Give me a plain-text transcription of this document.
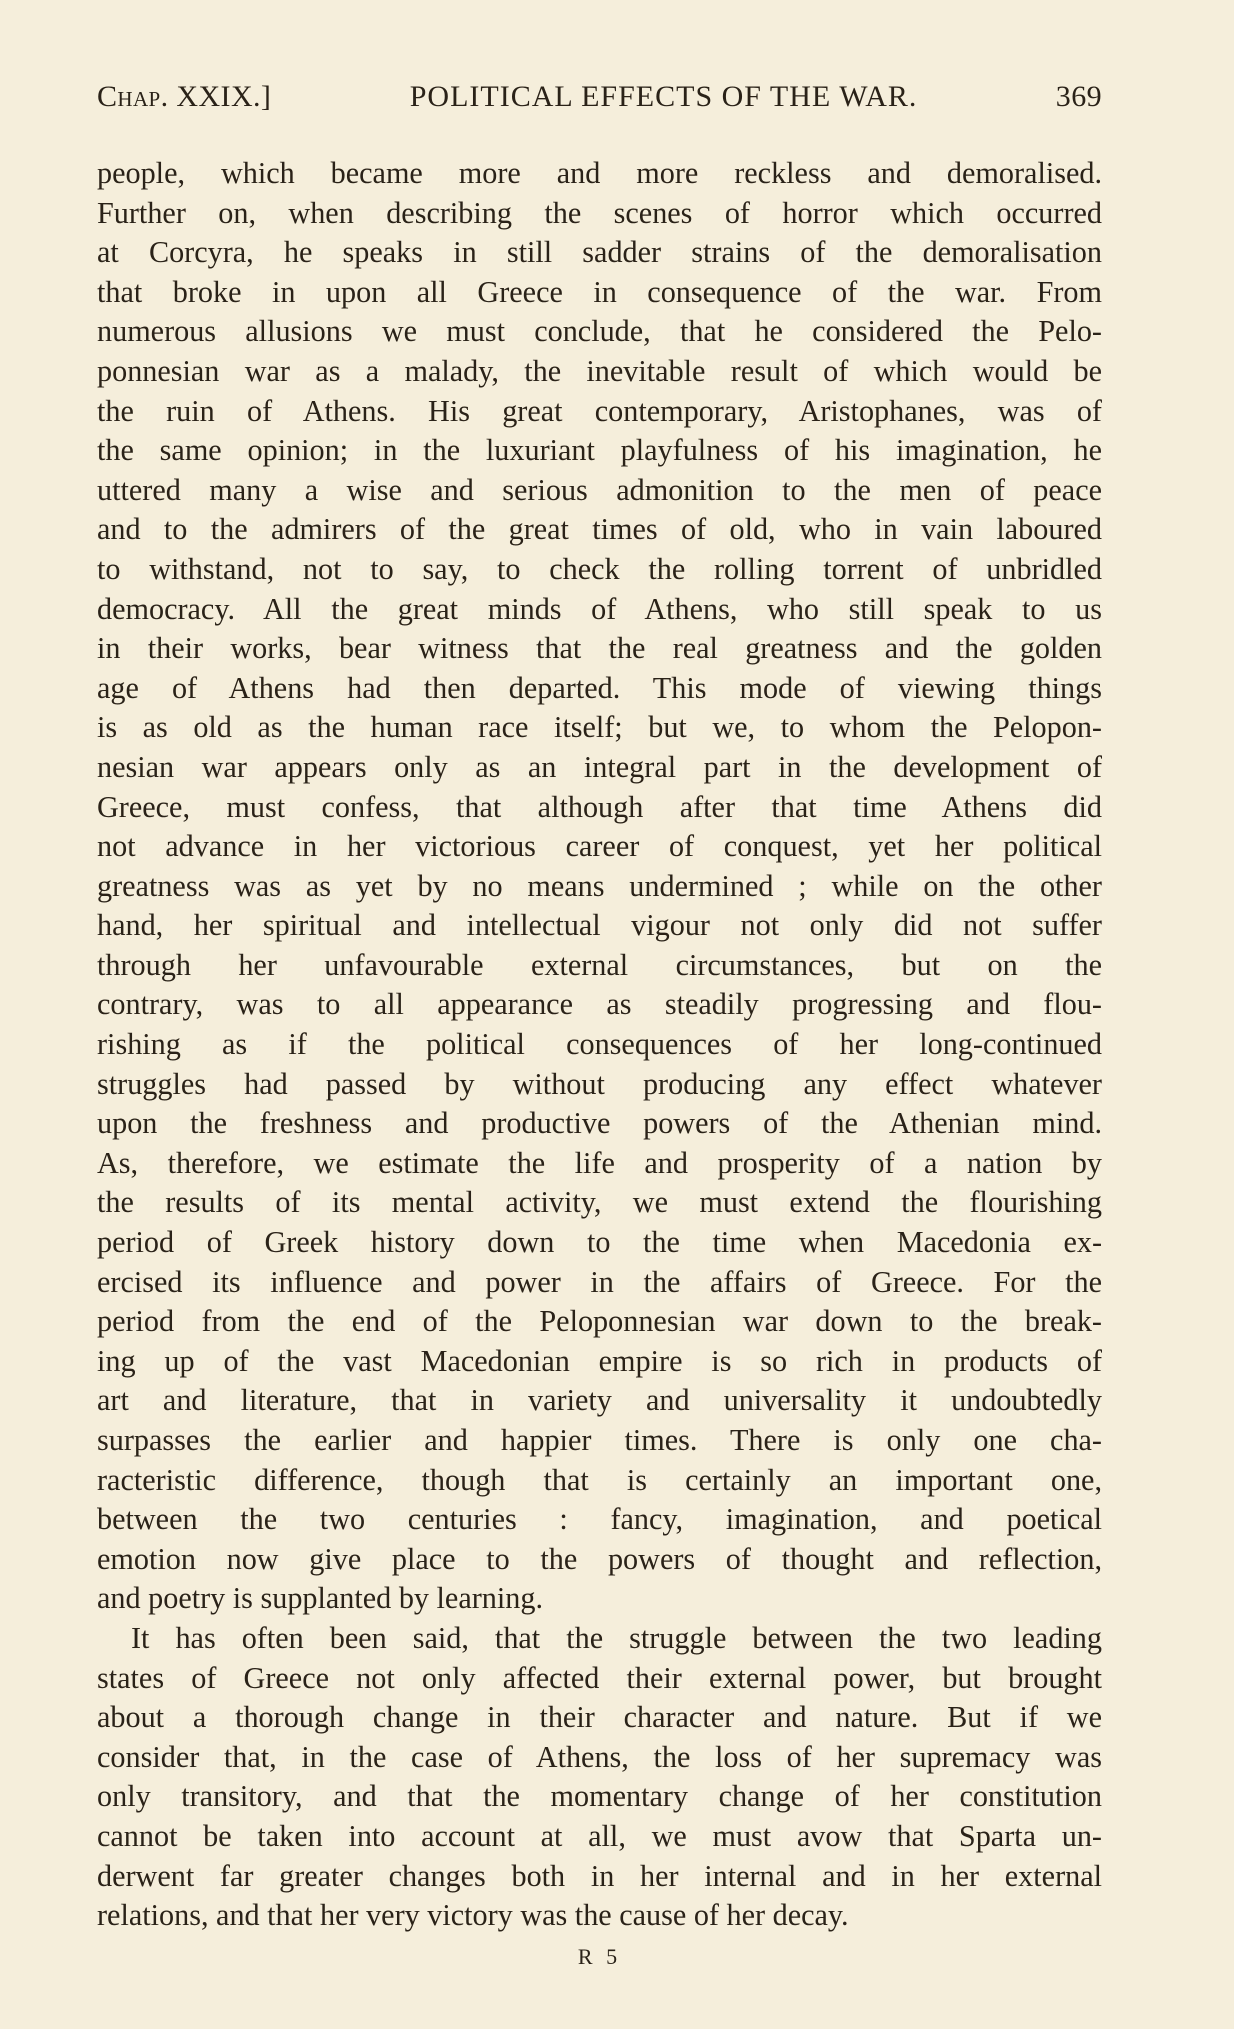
Chap. XXIX.]	POLITICAL EFFECTS OF THE WAR.	369
people, which became more and more reckless and demoralised.
Further on, when describing the scenes of horror which occurred
at Corcyra, he speaks in still sadder strains of the demoralisation
that broke in upon all Greece in consequence of the war. From
numerous allusions we must conclude, that he considered the Pelo-
ponnesian war as a malady, the inevitable result of which would be
the ruin of Athens. His great contemporary, Aristophanes, was of
the same opinion; in the luxuriant playfulness of his imagination, he
uttered many a wise and serious admonition to the men of peace
and to the admirers of the great times of old, who in vain laboured
to withstand, not to say, to check the rolling torrent of unbridled
democracy. All the great minds of Athens, who still speak to us
in their works, bear witness that the real greatness and the golden
age of Athens had then departed. This mode of viewing things
is as old as the human race itself; but we, to whom the Pelopon-
nesian war appears only as an integral part in the development of
Greece, must confess, that although after that time Athens did
not advance in her victorious career of conquest, yet her political
greatness was as yet by no means undermined ; while on the other
hand, her spiritual and intellectual vigour not only did not suffer
through her unfavourable external circumstances, but on the
contrary, was to all appearance as steadily progressing and flou-
rishing as if the political consequences of her long-continued
struggles had passed by without producing any effect whatever
upon the freshness and productive powers of the Athenian mind.
As, therefore, we estimate the life and prosperity of a nation by
the results of its mental activity, we must extend the flourishing
period of Greek history down to the time when Macedonia ex-
ercised its influence and power in the affairs of Greece. For the
period from the end of the Peloponnesian war down to the break-
ing up of the vast Macedonian empire is so rich in products of
art and literature, that in variety and universality it undoubtedly
surpasses the earlier and happier times. There is only one cha-
racteristic difference, though that is certainly an important one,
between the two centuries : fancy, imagination, and poetical
emotion now give place to the powers of thought and reflection,
and poetry is supplanted by learning.
It has often been said, that the struggle between the two leading
states of Greece not only affected their external power, but brought
about a thorough change in their character and nature. But if we
consider that, in the case of Athens, the loss of her supremacy was
only transitory, and that the momentary change of her constitution
cannot be taken into account at all, we must avow that Sparta un-
derwent far greater changes both in her internal and in her external
relations, and that her very victory was the cause of her decay.
R 5
